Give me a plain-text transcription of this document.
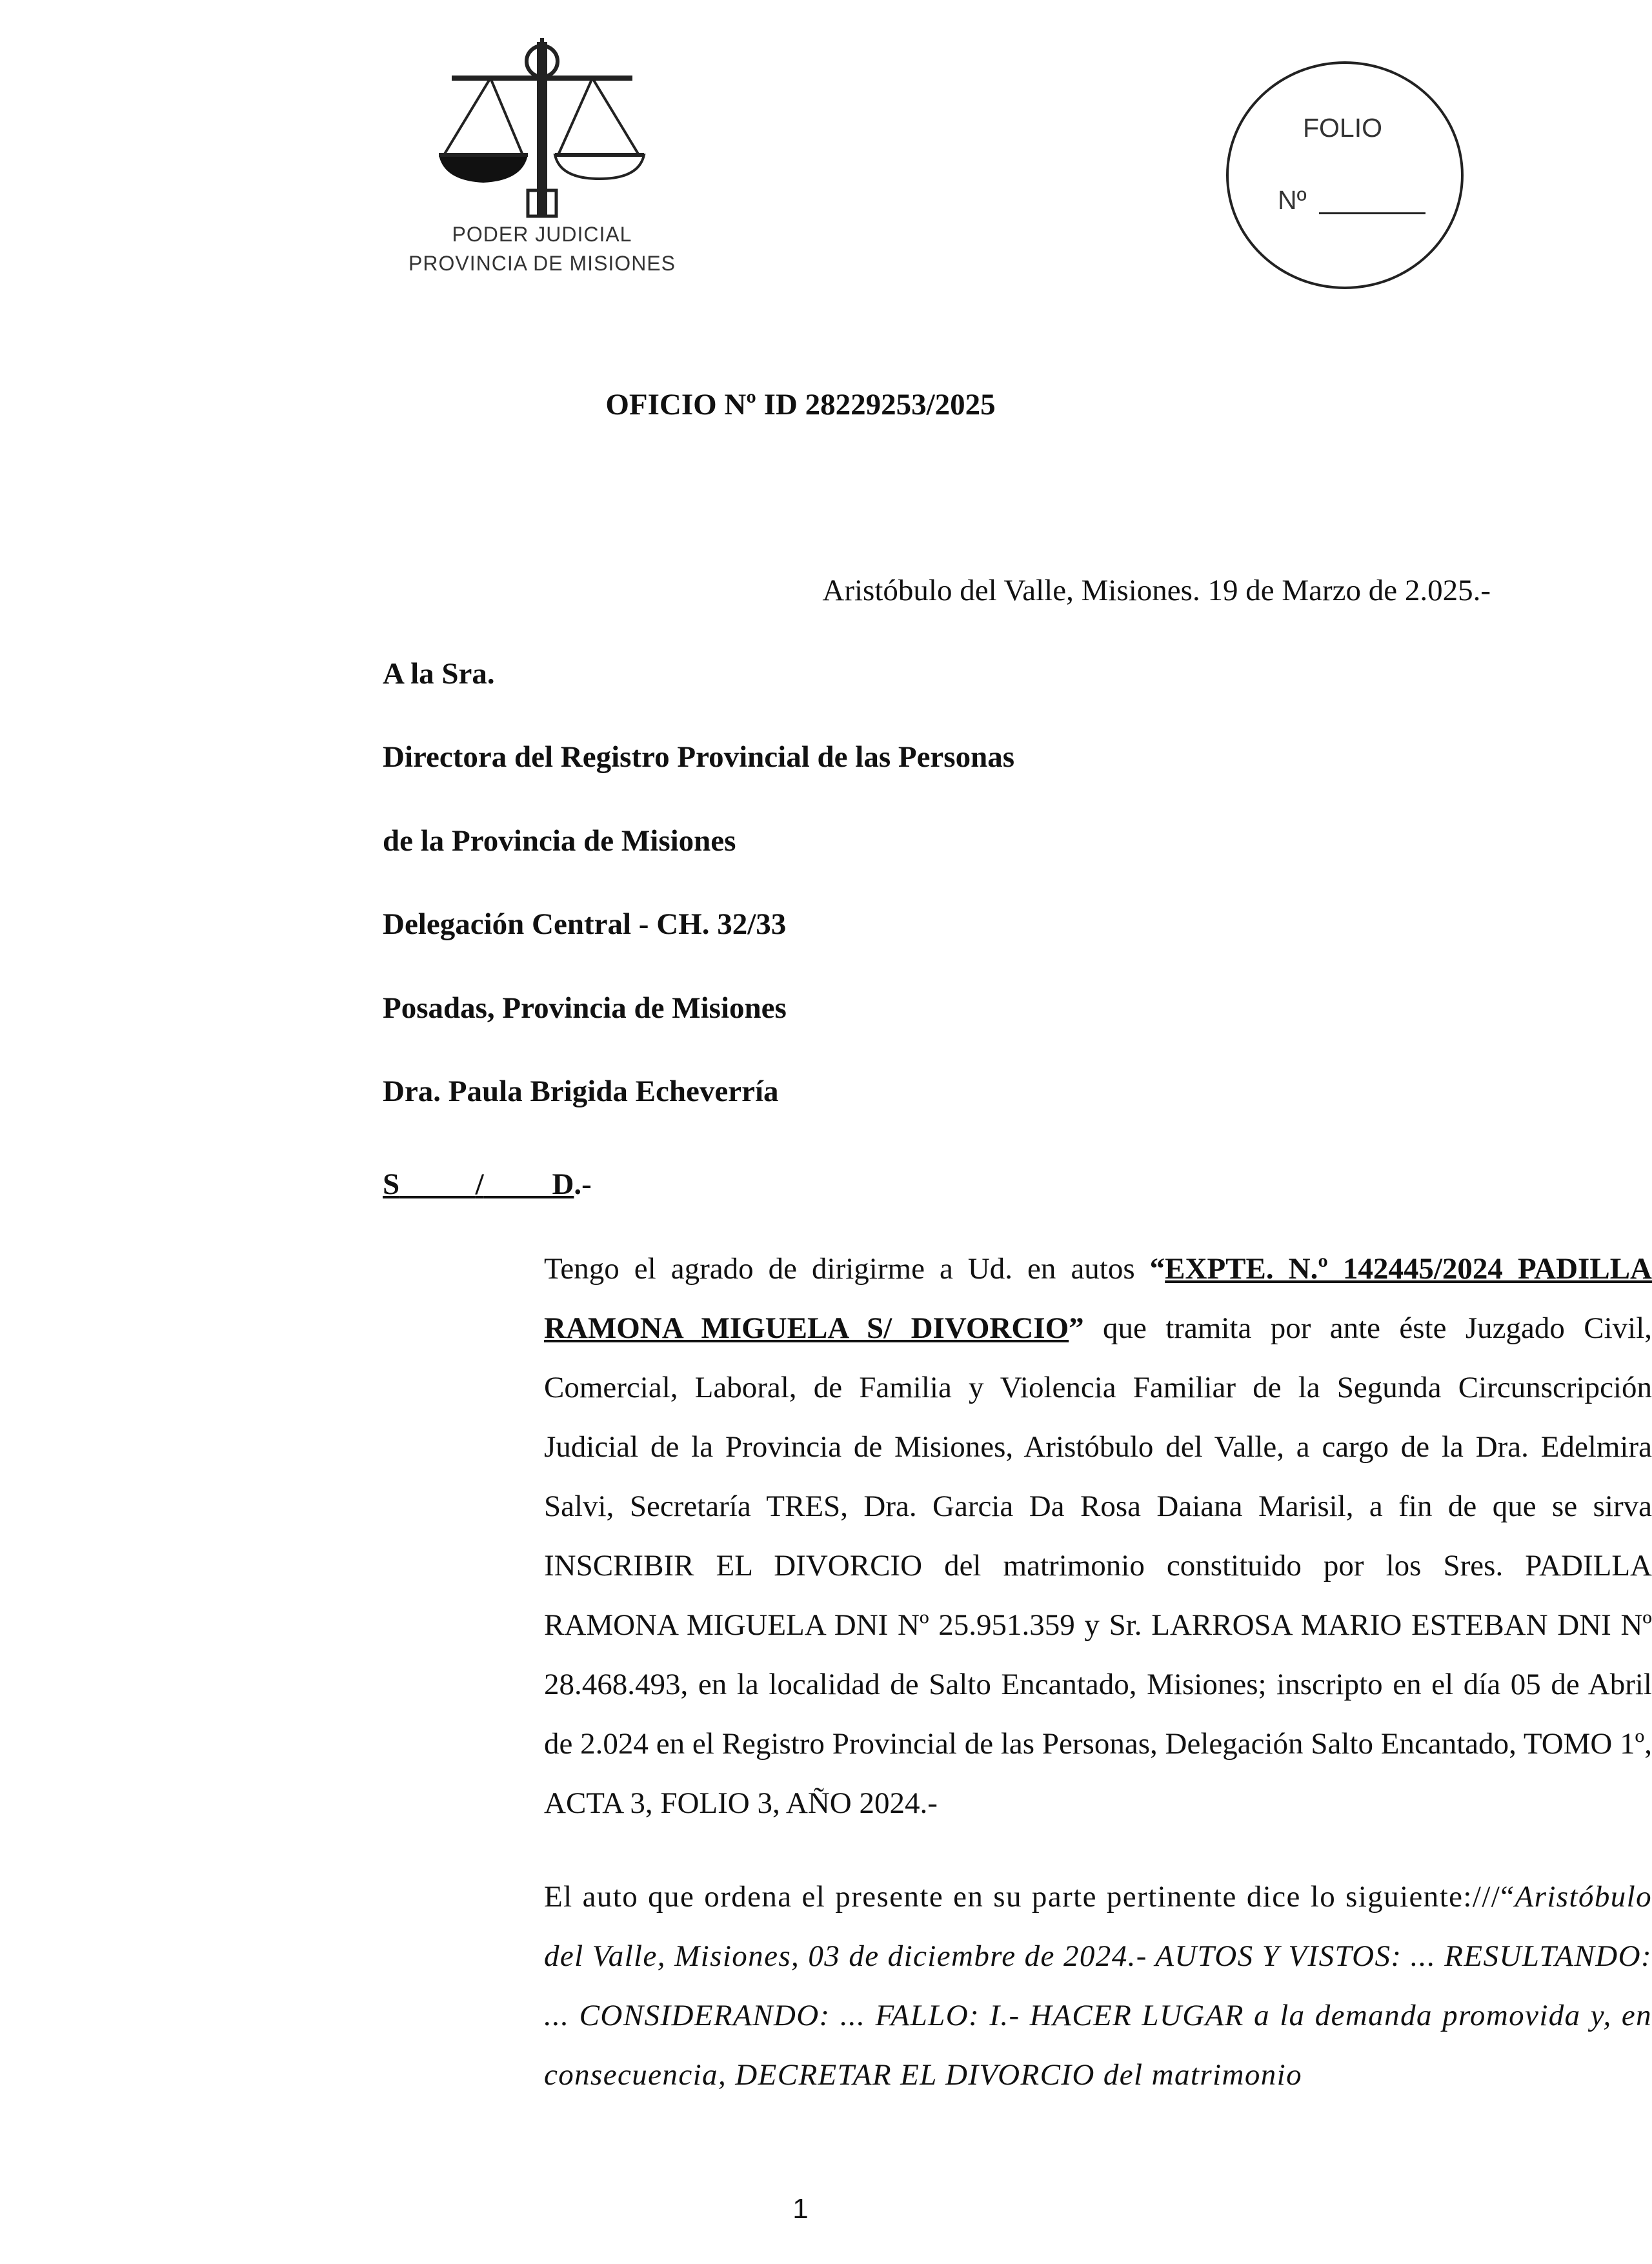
PODER JUDICIAL
PROVINCIA DE MISIONES
FOLIO
Nº
OFICIO Nº ID 28229253/2025
Aristóbulo del Valle, Misiones. 19 de Marzo de 2.025.-
A la Sra.
Directora del Registro Provincial de las Personas
de la Provincia de Misiones
Delegación Central - CH. 32/33
Posadas, Provincia de Misiones
Dra. Paula Brigida Echeverría
S	/ D.-
Tengo el agrado de dirigirme a Ud. en autos “EXPTE. N.º 142445/2024 PADILLA RAMONA MIGUELA S/ DIVORCIO” que tramita por ante éste Juzgado Civil, Comercial, Laboral, de Familia y Violencia Familiar de la Segunda Circunscripción Judicial de la Provincia de Misiones, Aristóbulo del Valle, a cargo de la Dra. Edelmira Salvi, Secretaría TRES, Dra. Garcia Da Rosa Daiana Marisil, a fin de que se sirva INSCRIBIR EL DIVORCIO del matrimonio constituido por los Sres. PADILLA RAMONA MIGUELA DNI Nº 25.951.359 y Sr. LARROSA MARIO ESTEBAN DNI Nº 28.468.493, en la localidad de Salto Encantado, Misiones; inscripto en el día 05 de Abril de 2.024 en el Registro Provincial de las Personas, Delegación Salto Encantado, TOMO 1º, ACTA 3, FOLIO 3, AÑO 2024.-
El auto que ordena el presente en su parte pertinente dice lo siguiente:///“Aristóbulo del Valle, Misiones, 03 de diciembre de 2024.- AUTOS Y VISTOS: ... RESULTANDO: ... CONSIDERANDO: ... FALLO: I.- HACER LUGAR a la demanda promovida y, en consecuencia, DECRETAR EL DIVORCIO del matrimonio
1
